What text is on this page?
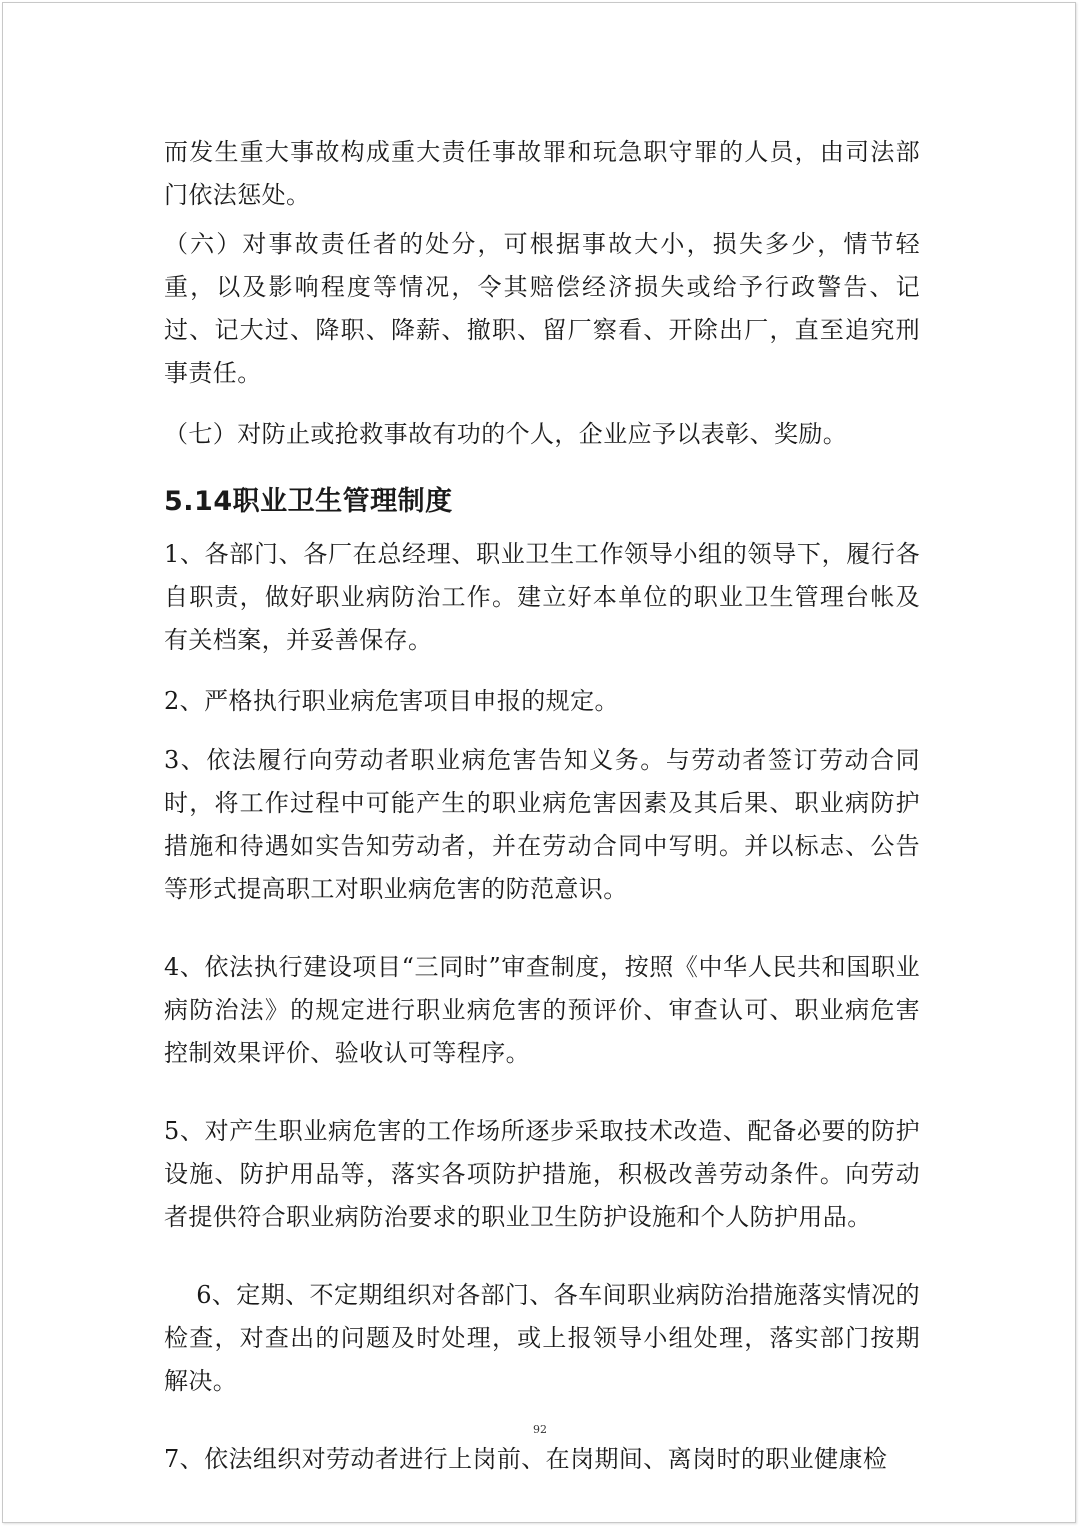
而发生重大事故构成重大责任事故罪和玩急职守罪的人员，由司法部门依法惩处。

（六）对事故责任者的处分，可根据事故大小，损失多少，情节轻重，以及影响程度等情况，令其赔偿经济损失或给予行政警告、记过、记大过、降职、降薪、撤职、留厂察看、开除出厂，直至追究刑事责任。

（七）对防止或抢救事故有功的个人，企业应予以表彰、奖励。

5.14职业卫生管理制度

1、各部门、各厂在总经理、职业卫生工作领导小组的领导下，履行各自职责，做好职业病防治工作。建立好本单位的职业卫生管理台帐及有关档案，并妥善保存。

2、严格执行职业病危害项目申报的规定。

3、依法履行向劳动者职业病危害告知义务。与劳动者签订劳动合同时，将工作过程中可能产生的职业病危害因素及其后果、职业病防护措施和待遇如实告知劳动者，并在劳动合同中写明。并以标志、公告等形式提高职工对职业病危害的防范意识。

4、依法执行建设项目“三同时”审查制度，按照《中华人民共和国职业病防治法》的规定进行职业病危害的预评价、审查认可、职业病危害控制效果评价、验收认可等程序。

5、对产生职业病危害的工作场所逐步采取技术改造、配备必要的防护设施、防护用品等，落实各项防护措施，积极改善劳动条件。向劳动者提供符合职业病防治要求的职业卫生防护设施和个人防护用品。

6、定期、不定期组织对各部门、各车间职业病防治措施落实情况的检查，对查出的问题及时处理，或上报领导小组处理，落实部门按期解决。

7、依法组织对劳动者进行上岗前、在岗期间、离岗时的职业健康检

92
